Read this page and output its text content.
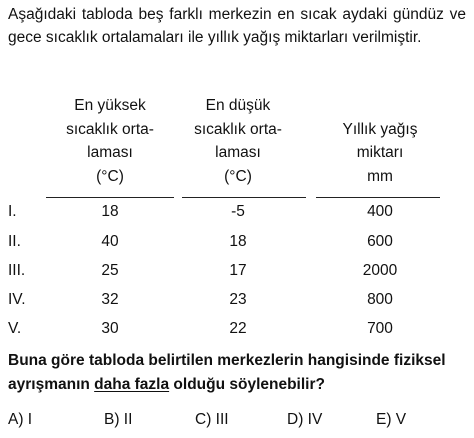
Aşağıdaki tabloda beş farklı merkezin en sıcak aydaki gündüz ve gece sıcaklık ortalamaları ile yıllık yağış miktarları verilmiştir.
En yüksek
sıcaklık orta-
laması
(°C)
En düşük
sıcaklık orta-
laması
(°C)
Yıllık yağış
miktarı
mm
I.	18	-5	400
II.	40	18	600
III.	25	17	2000
IV.	32	23	800
V.	30	22	700
Buna göre tabloda belirtilen merkezlerin hangisinde fiziksel ayrışmanın daha fazla olduğu söylenebilir?
A) I	B) II	C) III	D) IV	E) V
